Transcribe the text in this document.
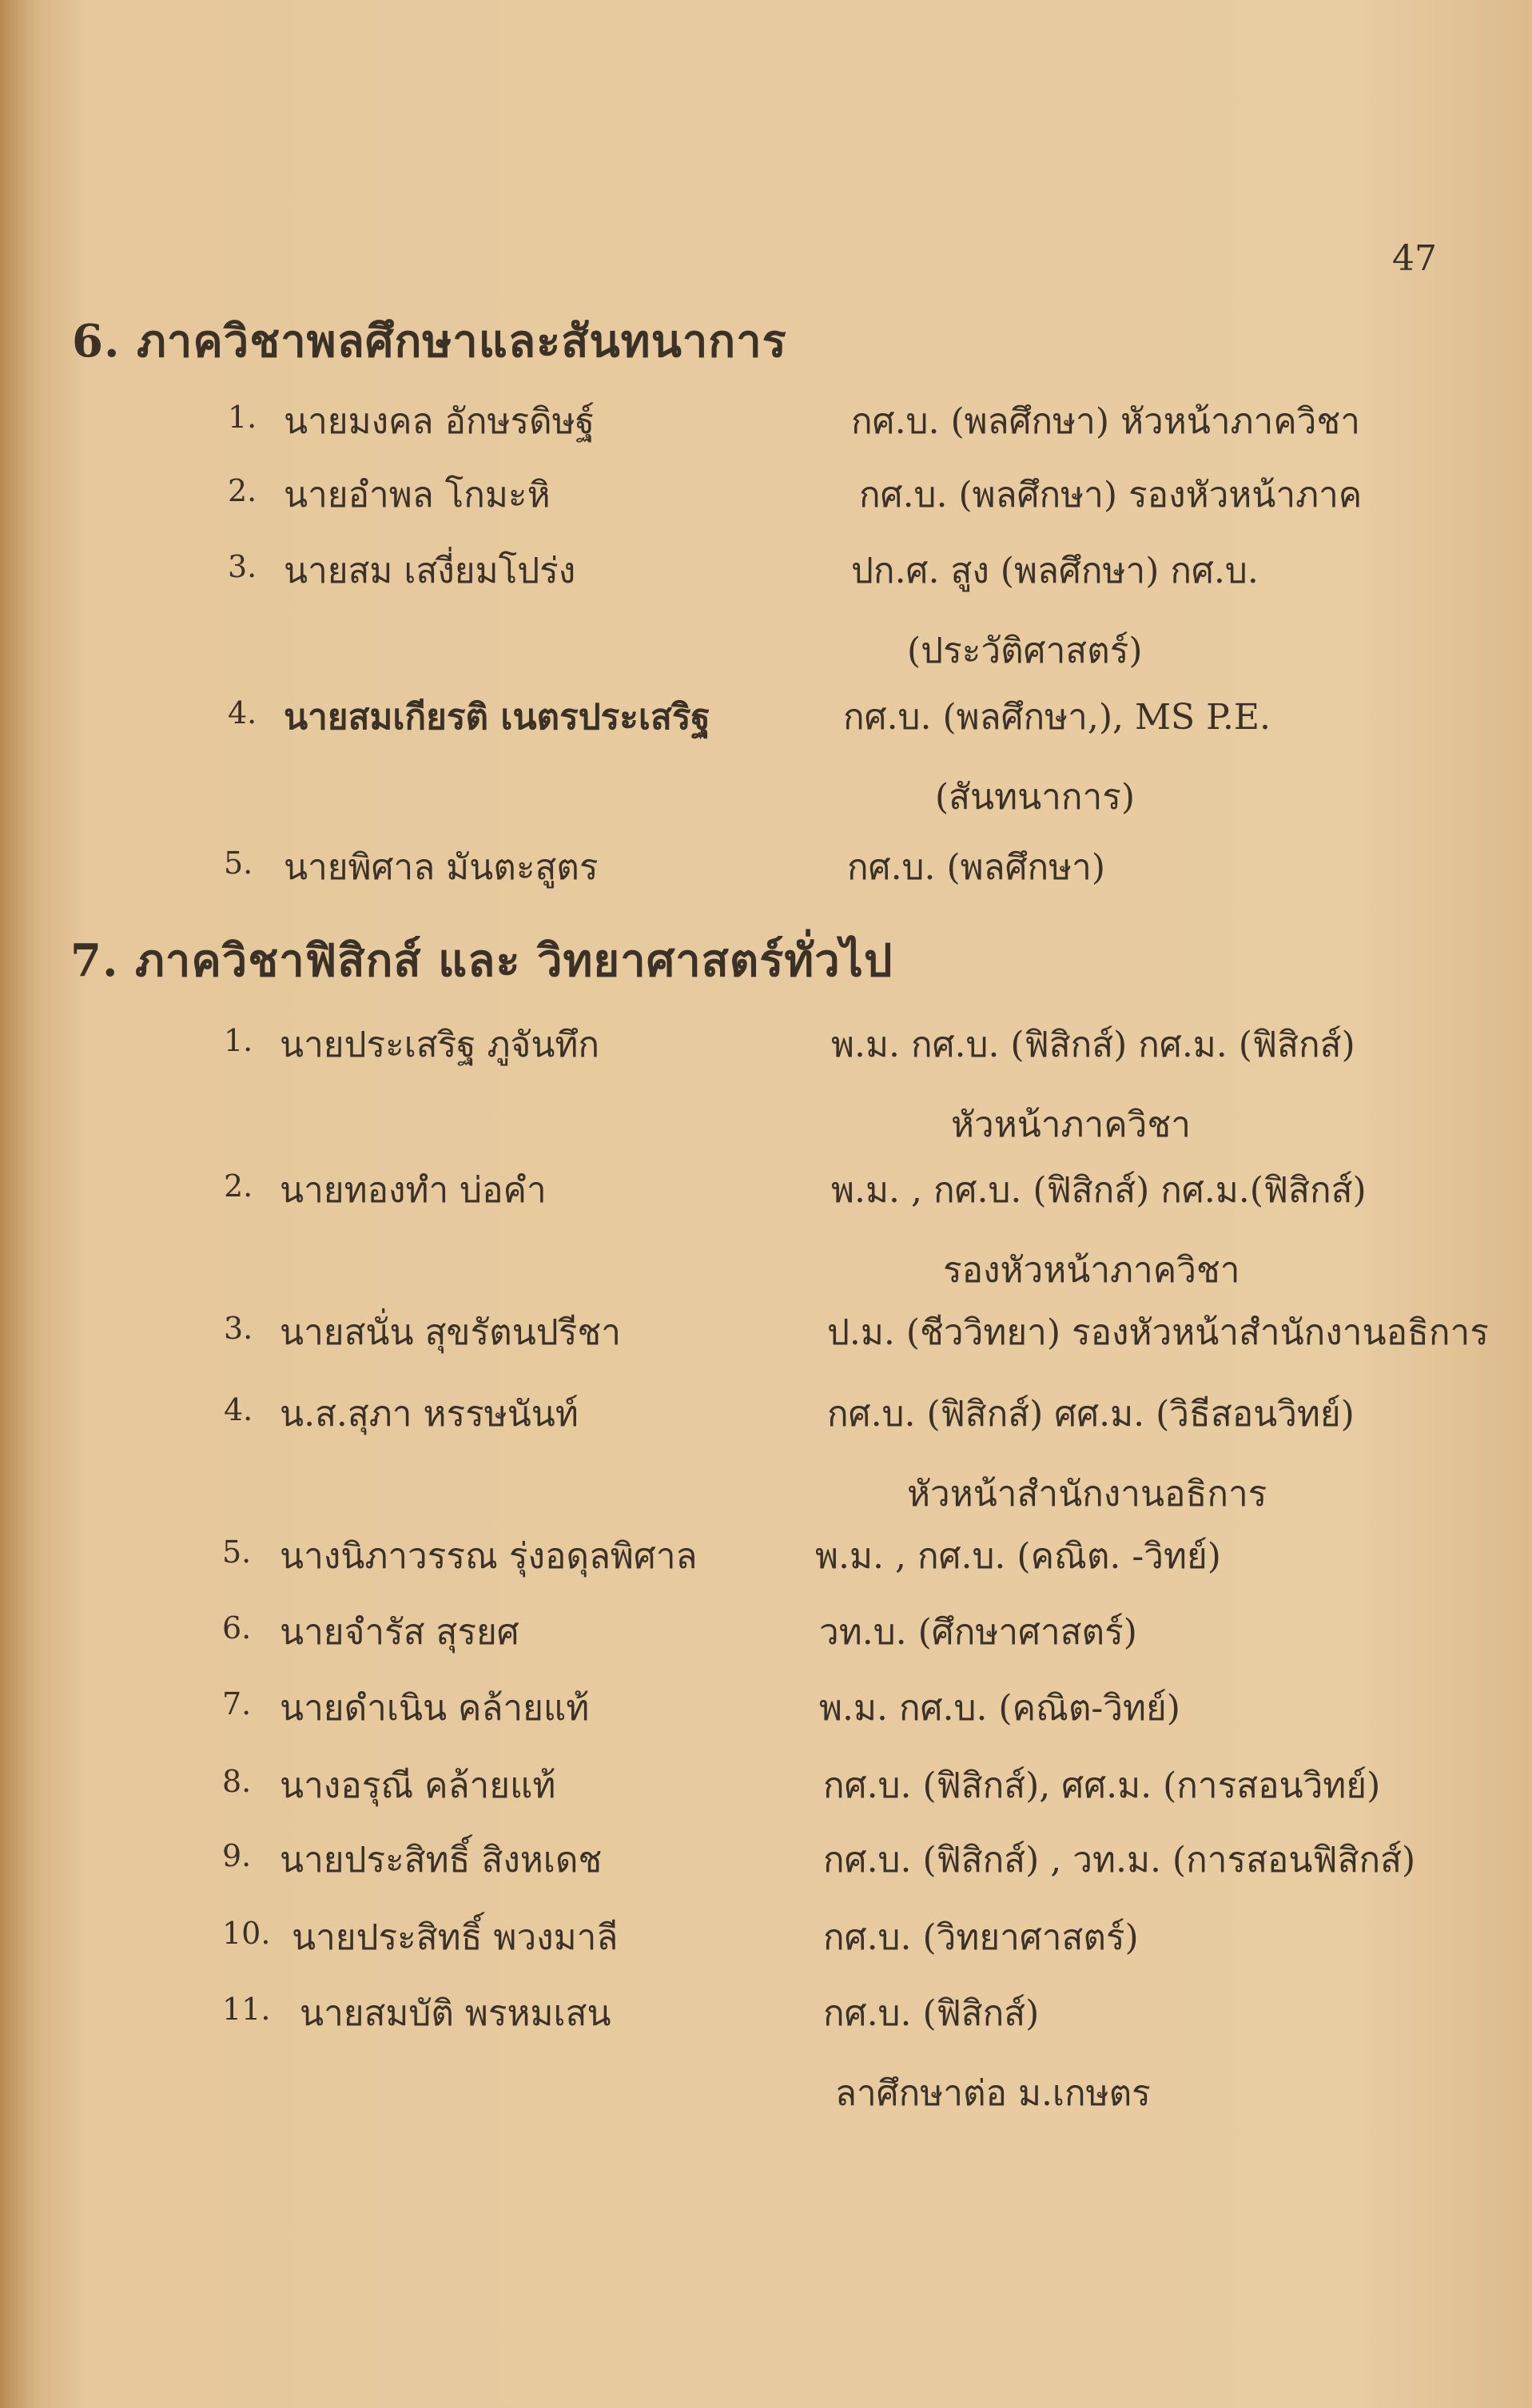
47
6. ภาควิชาพลศึกษาและสันทนาการ
1. นายมงคล อักษรดิษฐ์	กศ.บ. (พลศึกษา) หัวหน้าภาควิชา
2. นายอำพล โกมะหิ	กศ.บ. (พลศึกษา) รองหัวหน้าภาค
3. นายสม เสงี่ยมโปร่ง	ปก.ศ. สูง (พลศึกษา) กศ.บ.
(ประวัติศาสตร์)
4. นายสมเกียรติ เนตรประเสริฐ	กศ.บ. (พลศึกษา,), MS P.E.
(สันทนาการ)
5. นายพิศาล มันตะสูตร	กศ.บ. (พลศึกษา)
7. ภาควิชาฟิสิกส์ และ วิทยาศาสตร์ทั่วไป
1. นายประเสริฐ ภูจันทึก	พ.ม. กศ.บ. (ฟิสิกส์) กศ.ม. (ฟิสิกส์)
หัวหน้าภาควิชา
2. นายทองทำ บ่อคำ	พ.ม. , กศ.บ. (ฟิสิกส์) กศ.ม.(ฟิสิกส์)
รองหัวหน้าภาควิชา
3. นายสนั่น สุขรัตนปรีชา	ป.ม. (ชีววิทยา) รองหัวหน้าสำนักงานอธิการ
4. น.ส.สุภา หรรษนันท์	กศ.บ. (ฟิสิกส์) ศศ.ม. (วิธีสอนวิทย์)
หัวหน้าสำนักงานอธิการ
5. นางนิภาวรรณ รุ่งอดุลพิศาล	พ.ม. , กศ.บ. (คณิต. -วิทย์)
6. นายจำรัส สุรยศ	วท.บ. (ศึกษาศาสตร์)
7. นายดำเนิน คล้ายแท้	พ.ม. กศ.บ. (คณิต-วิทย์)
8. นางอรุณี คล้ายแท้	กศ.บ. (ฟิสิกส์), ศศ.ม. (การสอนวิทย์)
9. นายประสิทธิ์ สิงหเดช	กศ.บ. (ฟิสิกส์) , วท.ม. (การสอนฟิสิกส์)
10. นายประสิทธิ์ พวงมาลี	กศ.บ. (วิทยาศาสตร์)
11. นายสมบัติ พรหมเสน	กศ.บ. (ฟิสิกส์)
ลาศึกษาต่อ ม.เกษตร
